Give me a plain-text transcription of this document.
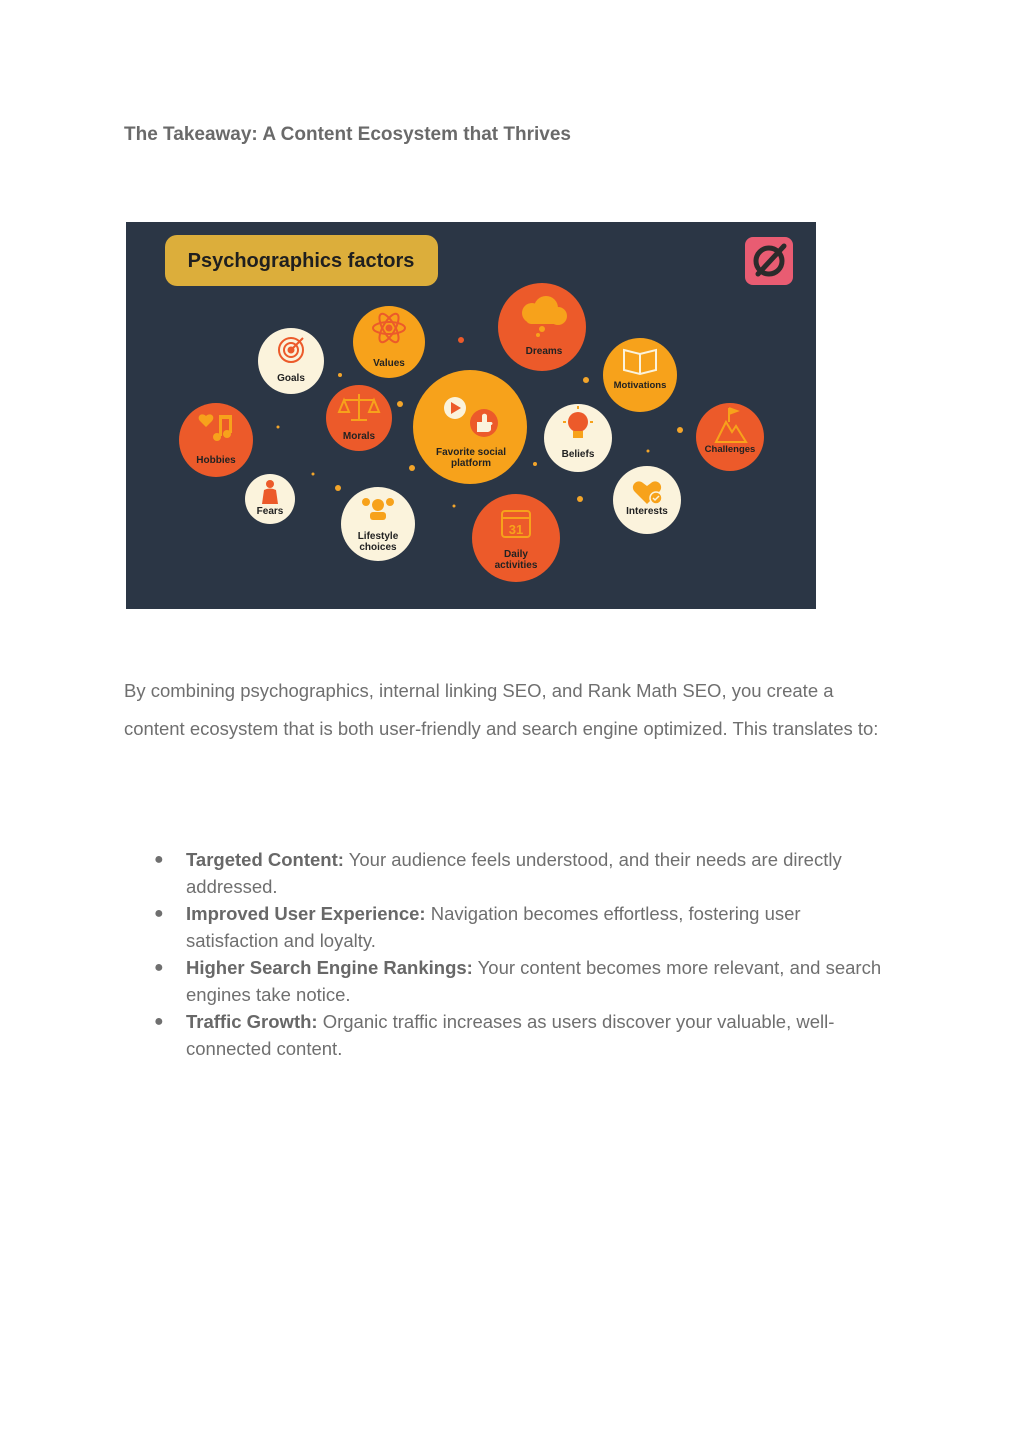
The Takeaway: A Content Ecosystem that Thrives
Psychographics factors
Goals
Values
Dreams
Motivations
Hobbies
Morals
Favorite social
platform
Beliefs	Challenges
Fears
Lifestyle
choices
31
Daily
activities
Interests

By combining psychographics, internal linking SEO, and Rank Math SEO, you create a content ecosystem that is both user-friendly and search engine optimized. This translates to:

● Targeted Content: Your audience feels understood, and their needs are directly addressed.
● Improved User Experience: Navigation becomes effortless, fostering user satisfaction and loyalty.
● Higher Search Engine Rankings: Your content becomes more relevant, and search engines take notice.
● Traffic Growth: Organic traffic increases as users discover your valuable, well-connected content.
